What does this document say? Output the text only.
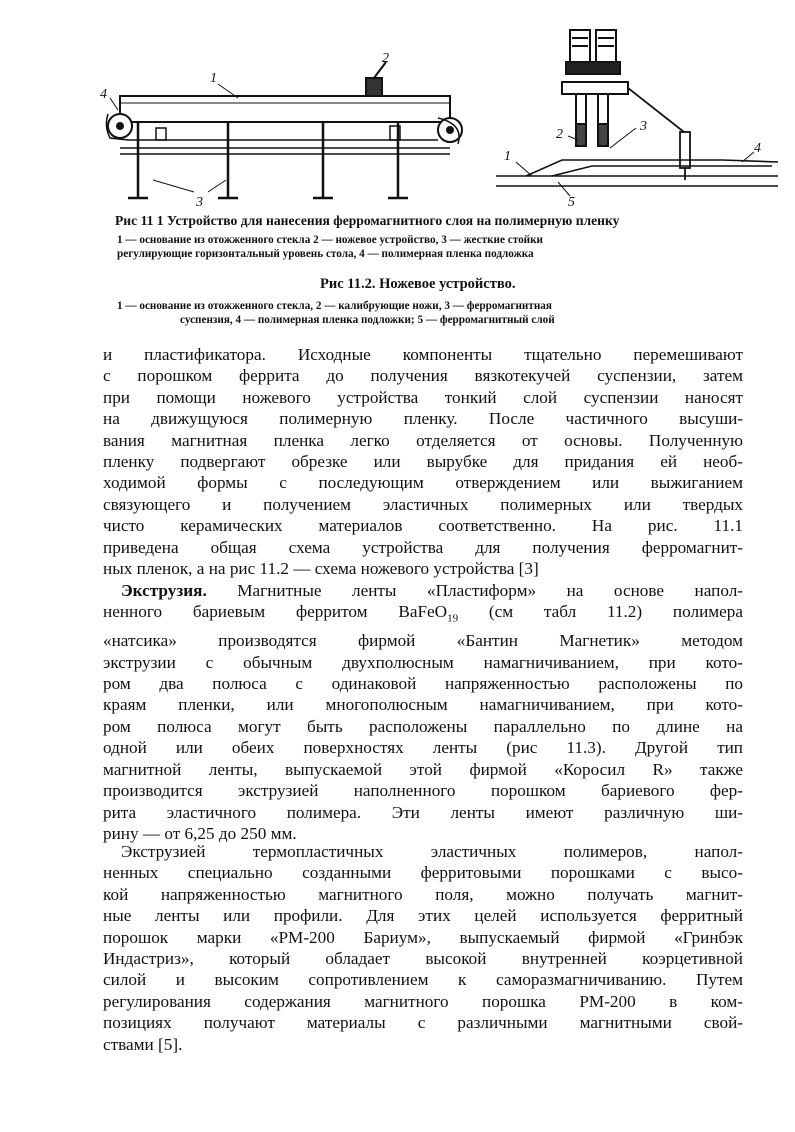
1
2
3
4
1
2
3
4
5
Рис 11 1 Устройство для нанесения ферромагнитного слоя на полимерную пленку
1 — основание из отожженного стекла 2 — ножевое устройство, 3 — жесткие стойки
регулирующие горизонтальный уровень стола, 4 — полимерная пленка подложка
Рис 11.2. Ножевое устройство.
1 — основание из отожженного стекла, 2 — калибрующие ножи, 3 — ферромагнитная
суспензия, 4 — полимерная пленка подложки; 5 — ферромагнитный слой
и пластификатора. Исходные компоненты тщательно перемешивают
с порошком феррита до получения вязкотекучей суспензии, затем
при помощи ножевого устройства тонкий слой суспензии наносят
на движущуюся полимерную пленку. После частичного высуши-
вания магнитная пленка легко отделяется от основы. Полученную
пленку подвергают обрезке или вырубке для придания ей необ-
ходимой формы с последующим отверждением или выжиганием
связующего и получением эластичных полимерных или твердых
чисто керамических материалов соответственно. На рис. 11.1
приведена общая схема устройства для получения ферромагнит-
ных пленок, а на рис 11.2 — схема ножевого устройства [3]
Экструзия. Магнитные ленты «Пластиформ» на основе напол-
ненного бариевым ферритом BaFeO$_{19}$ (см табл 11.2) полимера
«натсика» производятся фирмой «Бантин Магнетик» методом
экструзии с обычным двухполюсным намагничиванием, при кото-
ром два полюса с одинаковой напряженностью расположены по
краям пленки, или многополюсным намагничиванием, при кото-
ром полюса могут быть расположены параллельно по длине на
одной или обеих поверхностях ленты (рис 11.3). Другой тип
магнитной ленты, выпускаемой этой фирмой «Коросил R» также
производится экструзией наполненного порошком бариевого фер-
рита эластичного полимера. Эти ленты имеют различную ши-
рину — от 6,25 до 250 мм.
Экструзией термопластичных эластичных полимеров, напол-
ненных специально созданными ферритовыми порошками с высо-
кой напряженностью магнитного поля, можно получать магнит-
ные ленты или профили. Для этих целей используется ферритный
порошок марки «РМ-200 Бариум», выпускаемый фирмой «Гринбэк
Индастриз», который обладает высокой внутренней коэрцетивной
силой и высоким сопротивлением к саморазмагничиванию. Путем
регулирования содержания магнитного порошка РМ-200 в ком-
позициях получают материалы с различными магнитными свой-
ствами [5].
